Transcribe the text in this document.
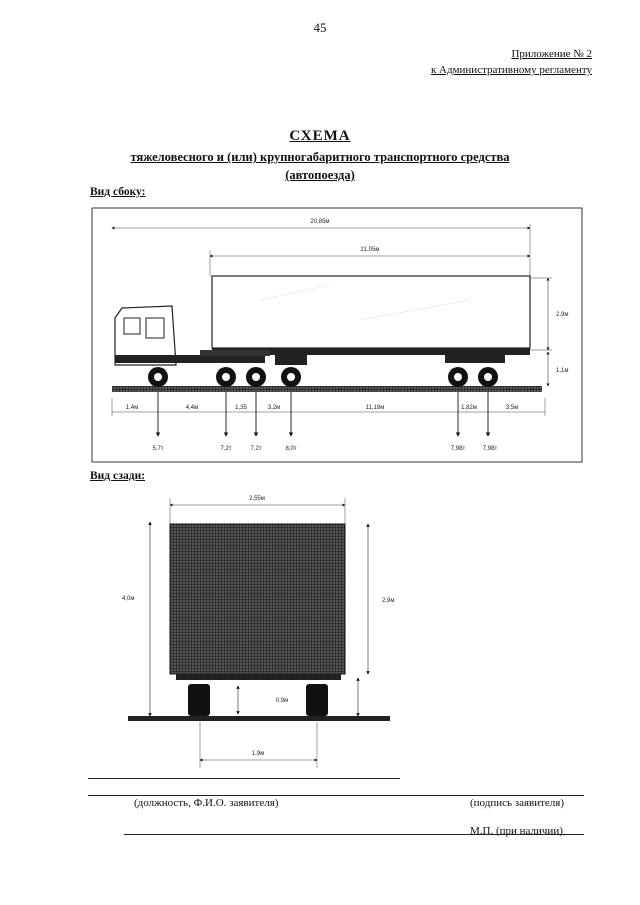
45
Приложение № 2
к Административному регламенту
СХЕМА
тяжеловесного и (или) крупногабаритного транспортного средства
(автопоезда)
Вид сбоку:
20,85м
21,05м
2,9м
1,1м
1,4м	4,4м	1,35	3,2м	11,18м	1,82м	3,5м
5,7т	7,2т	7,2т	8,0т	7,98т	7,98т
2,55м
4,0м	2,9м
0,9м
1,9м
Вид сзади:
(должность, Ф.И.О. заявителя)	(подпись заявителя)
М.П. (при наличии)
